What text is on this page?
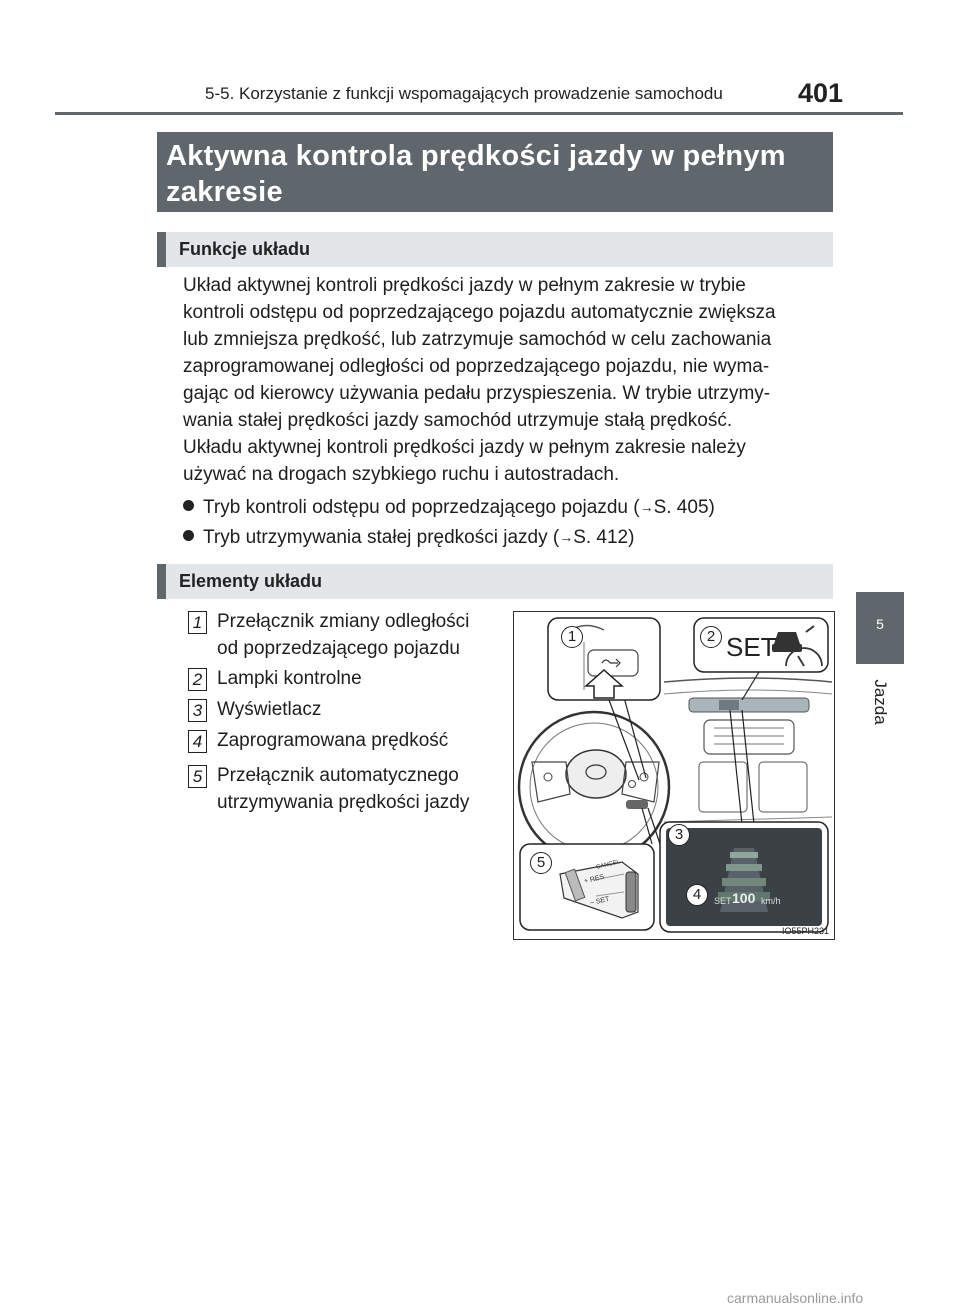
5-5. Korzystanie z funkcji wspomagających prowadzenie samochodu	401
5
Jazda
Aktywna kontrola prędkości jazdy w pełnym
zakresie
Funkcje układu
Układ aktywnej kontroli prędkości jazdy w pełnym zakresie w trybie
kontroli odstępu od poprzedzającego pojazdu automatycznie zwiększa
lub zmniejsza prędkość, lub zatrzymuje samochód w celu zachowania
zaprogramowanej odległości od poprzedzającego pojazdu, nie wyma-
gając od kierowcy używania pedału przyspieszenia. W trybie utrzymy-
wania stałej prędkości jazdy samochód utrzymuje stałą prędkość.
Układu aktywnej kontroli prędkości jazdy w pełnym zakresie należy
używać na drogach szybkiego ruchu i autostradach.
Tryb kontroli odstępu od poprzedzającego pojazdu (→S. 405)
Tryb utrzymywania stałej prędkości jazdy (→S. 412)
Elementy układu
1 Przełącznik zmiany odległości
od poprzedzającego pojazdu
2 Lampki kontrolne
3 Wyświetlacz
4 Zaprogramowana prędkość
5 Przełącznik automatycznego
utrzymywania prędkości jazdy
1	2 SET
3
4
5
SET 100 km/h
+ RES
− SET
CANCEL
IO55PH231
carmanualsonline.info
